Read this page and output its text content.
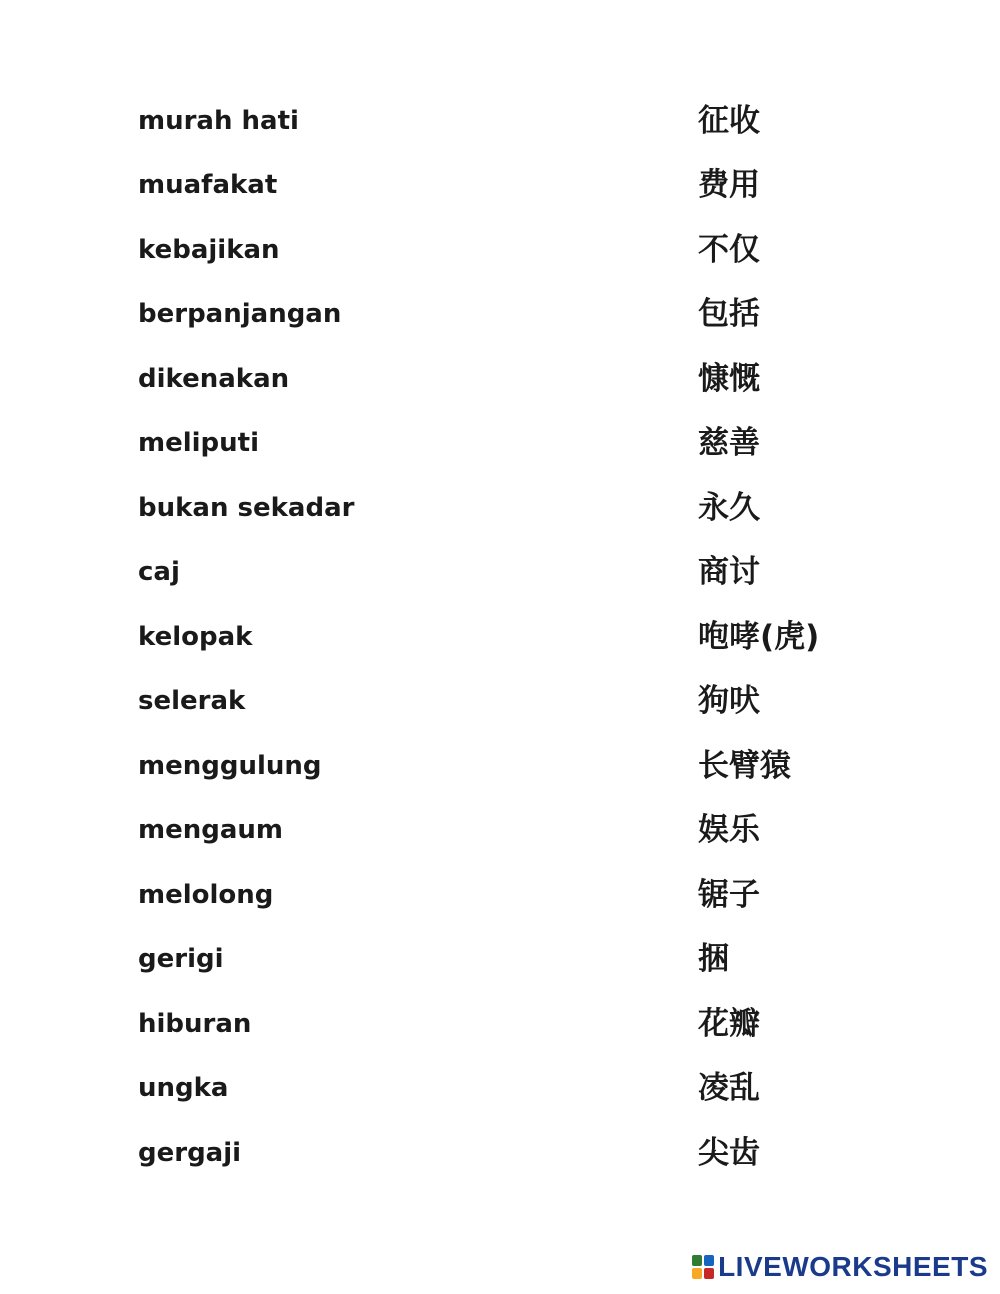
murah hati	征收
muafakat	费用
kebajikan	不仅
berpanjangan	包括
dikenakan	慷慨
meliputi	慈善
bukan sekadar	永久
caj	商讨
kelopak	咆哮(虎)
selerak	狗吠
menggulung	长臂猿
mengaum	娱乐
melolong	锯子
gerigi	捆
hiburan	花瓣
ungka	凌乱
gergaji	尖齿
LIVEWORKSHEETS
